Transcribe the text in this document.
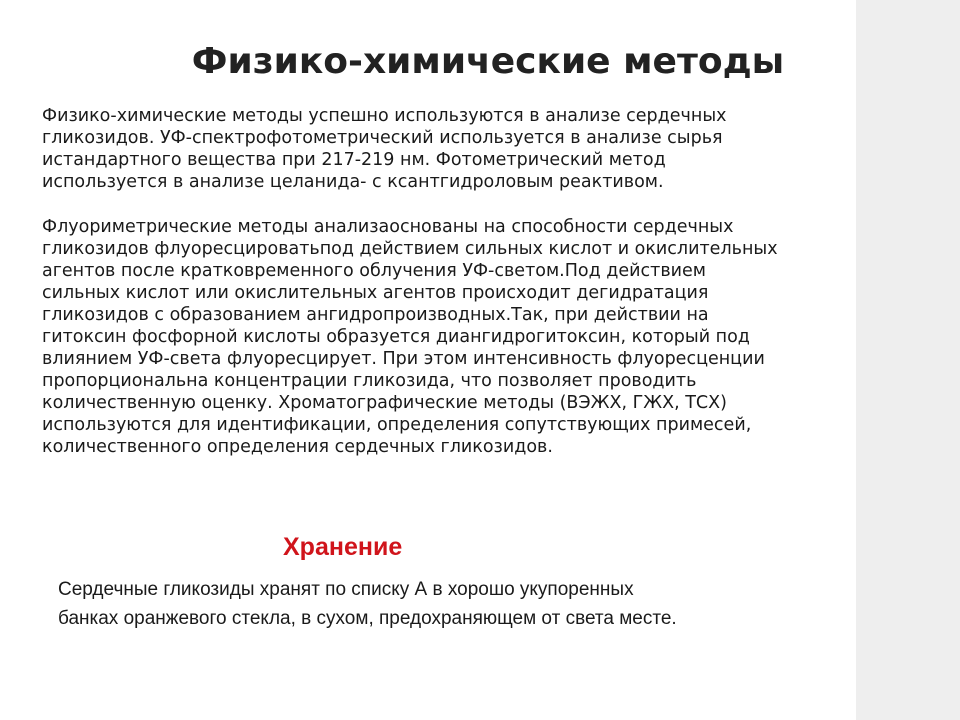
Физико-химические методы

Физико-химические методы успешно используются в анализе сердечных
гликозидов. УФ-спектрофотометрический используется в анализе сырья
истандартного вещества при 217-219 нм. Фотометрический метод
используется в анализе целанида- с ксантгидроловым реактивом.

Флуориметрические методы анализаоснованы на способности сердечных
гликозидов флуоресцироватьпод действием сильных кислот и окислительных
агентов после кратковременного облучения УФ-светом.Под действием
сильных кислот или окислительных агентов происходит дегидратация
гликозидов с образованием ангидропроизводных.Так, при действии на
гитоксин фосфорной кислоты образуется диангидрогитоксин, который под
влиянием УФ-света флуоресцирует. При этом интенсивность флуоресценции
пропорциональна концентрации гликозида, что позволяет проводить
количественную оценку. Хроматографические методы (ВЭЖХ, ГЖХ, ТСХ)
используются для идентификации, определения сопутствующих примесей,
количественного определения сердечных гликозидов.

Хранение

Сердечные гликозиды хранят по списку А в хорошо укупоренных
банках оранжевого стекла, в сухом, предохраняющем от света месте.
